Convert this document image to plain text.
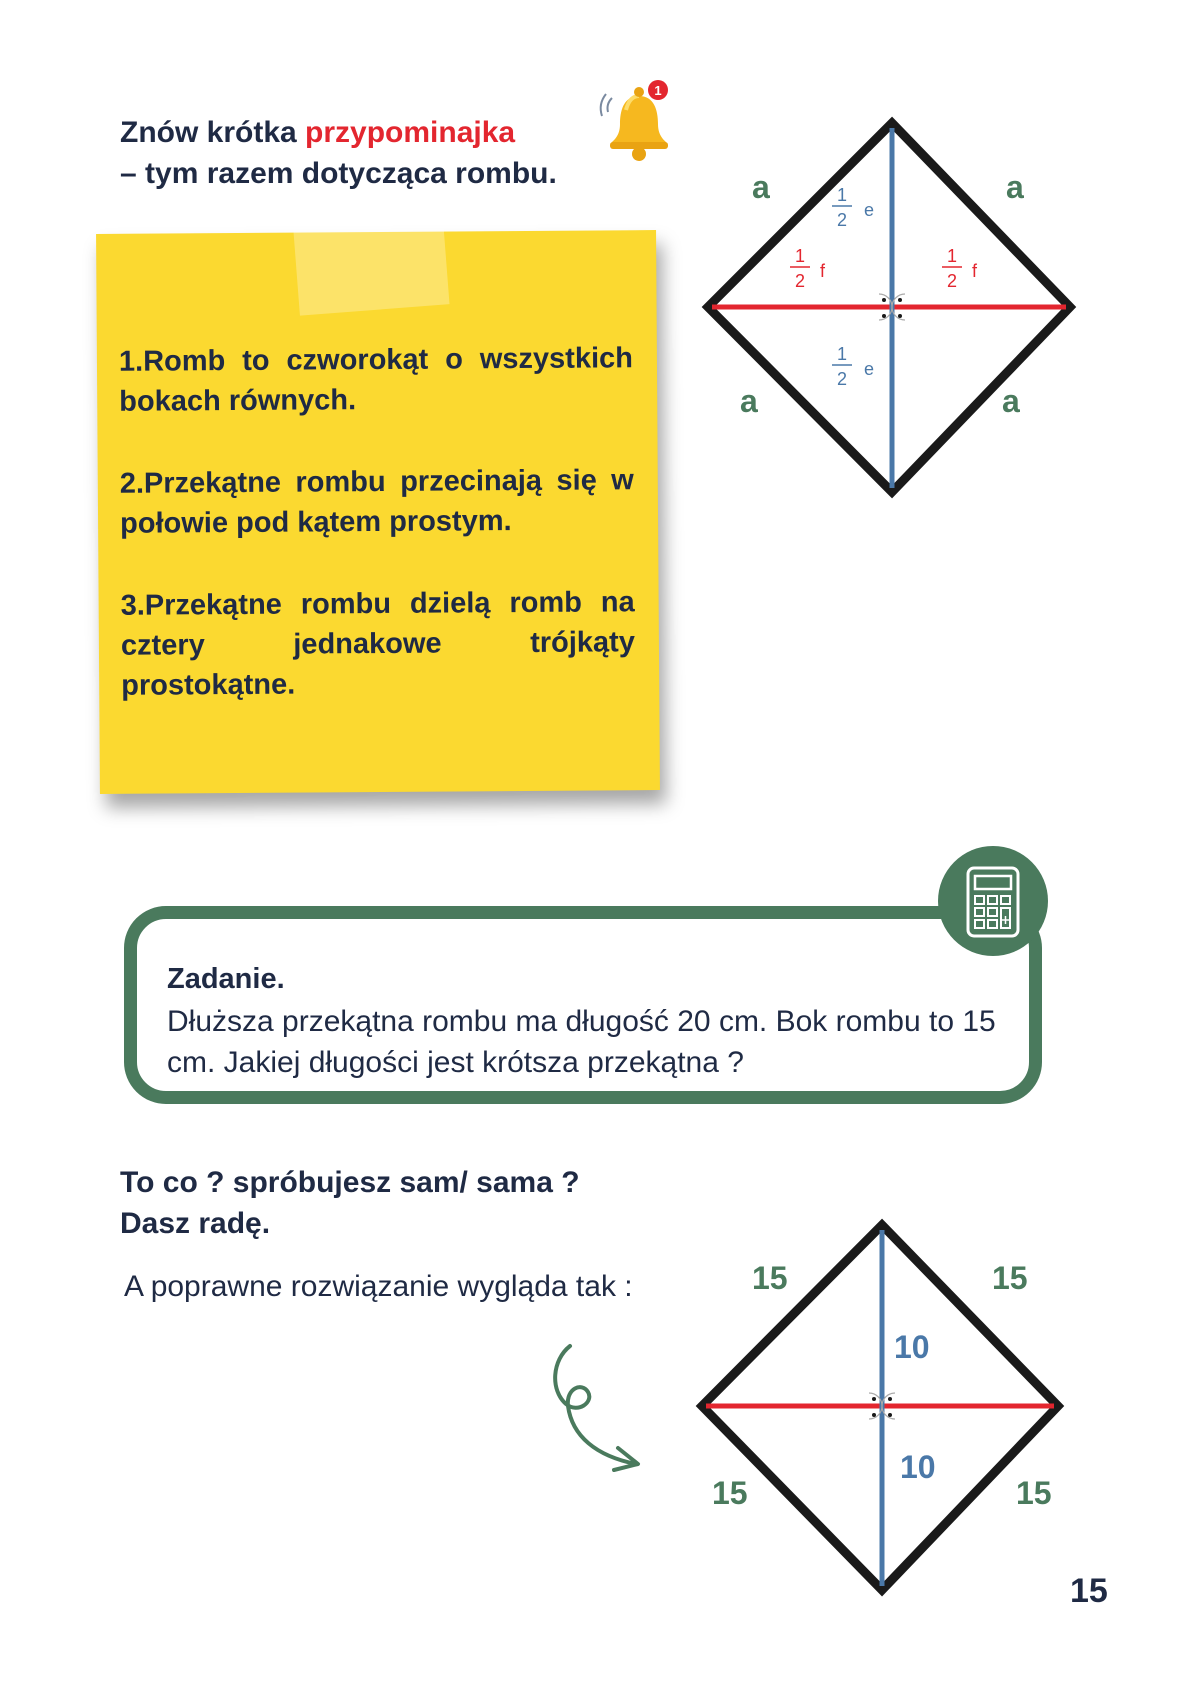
Znów krótka przypominajka
– tym razem dotycząca rombu.
1
1.Romb to czworokąt o wszystkich bokach równych.
2.Przekątne rombu przecinają się w połowie pod kątem prostym.
3.Przekątne rombu dzielą romb na cztery jednakowe trójkąty prostokątne.
a	a
a	a
1
2 e
1
2 e
1
2 f
1
2 f
Zadanie.
Dłuższa przekątna rombu ma długość 20 cm. Bok rombu to 15 cm. Jakiej długości jest krótsza przekątna ?
To co ? spróbujesz sam/ sama ?
Dasz radę.
A poprawne rozwiązanie wygląda tak :	15	15
15	15
10
10
15
